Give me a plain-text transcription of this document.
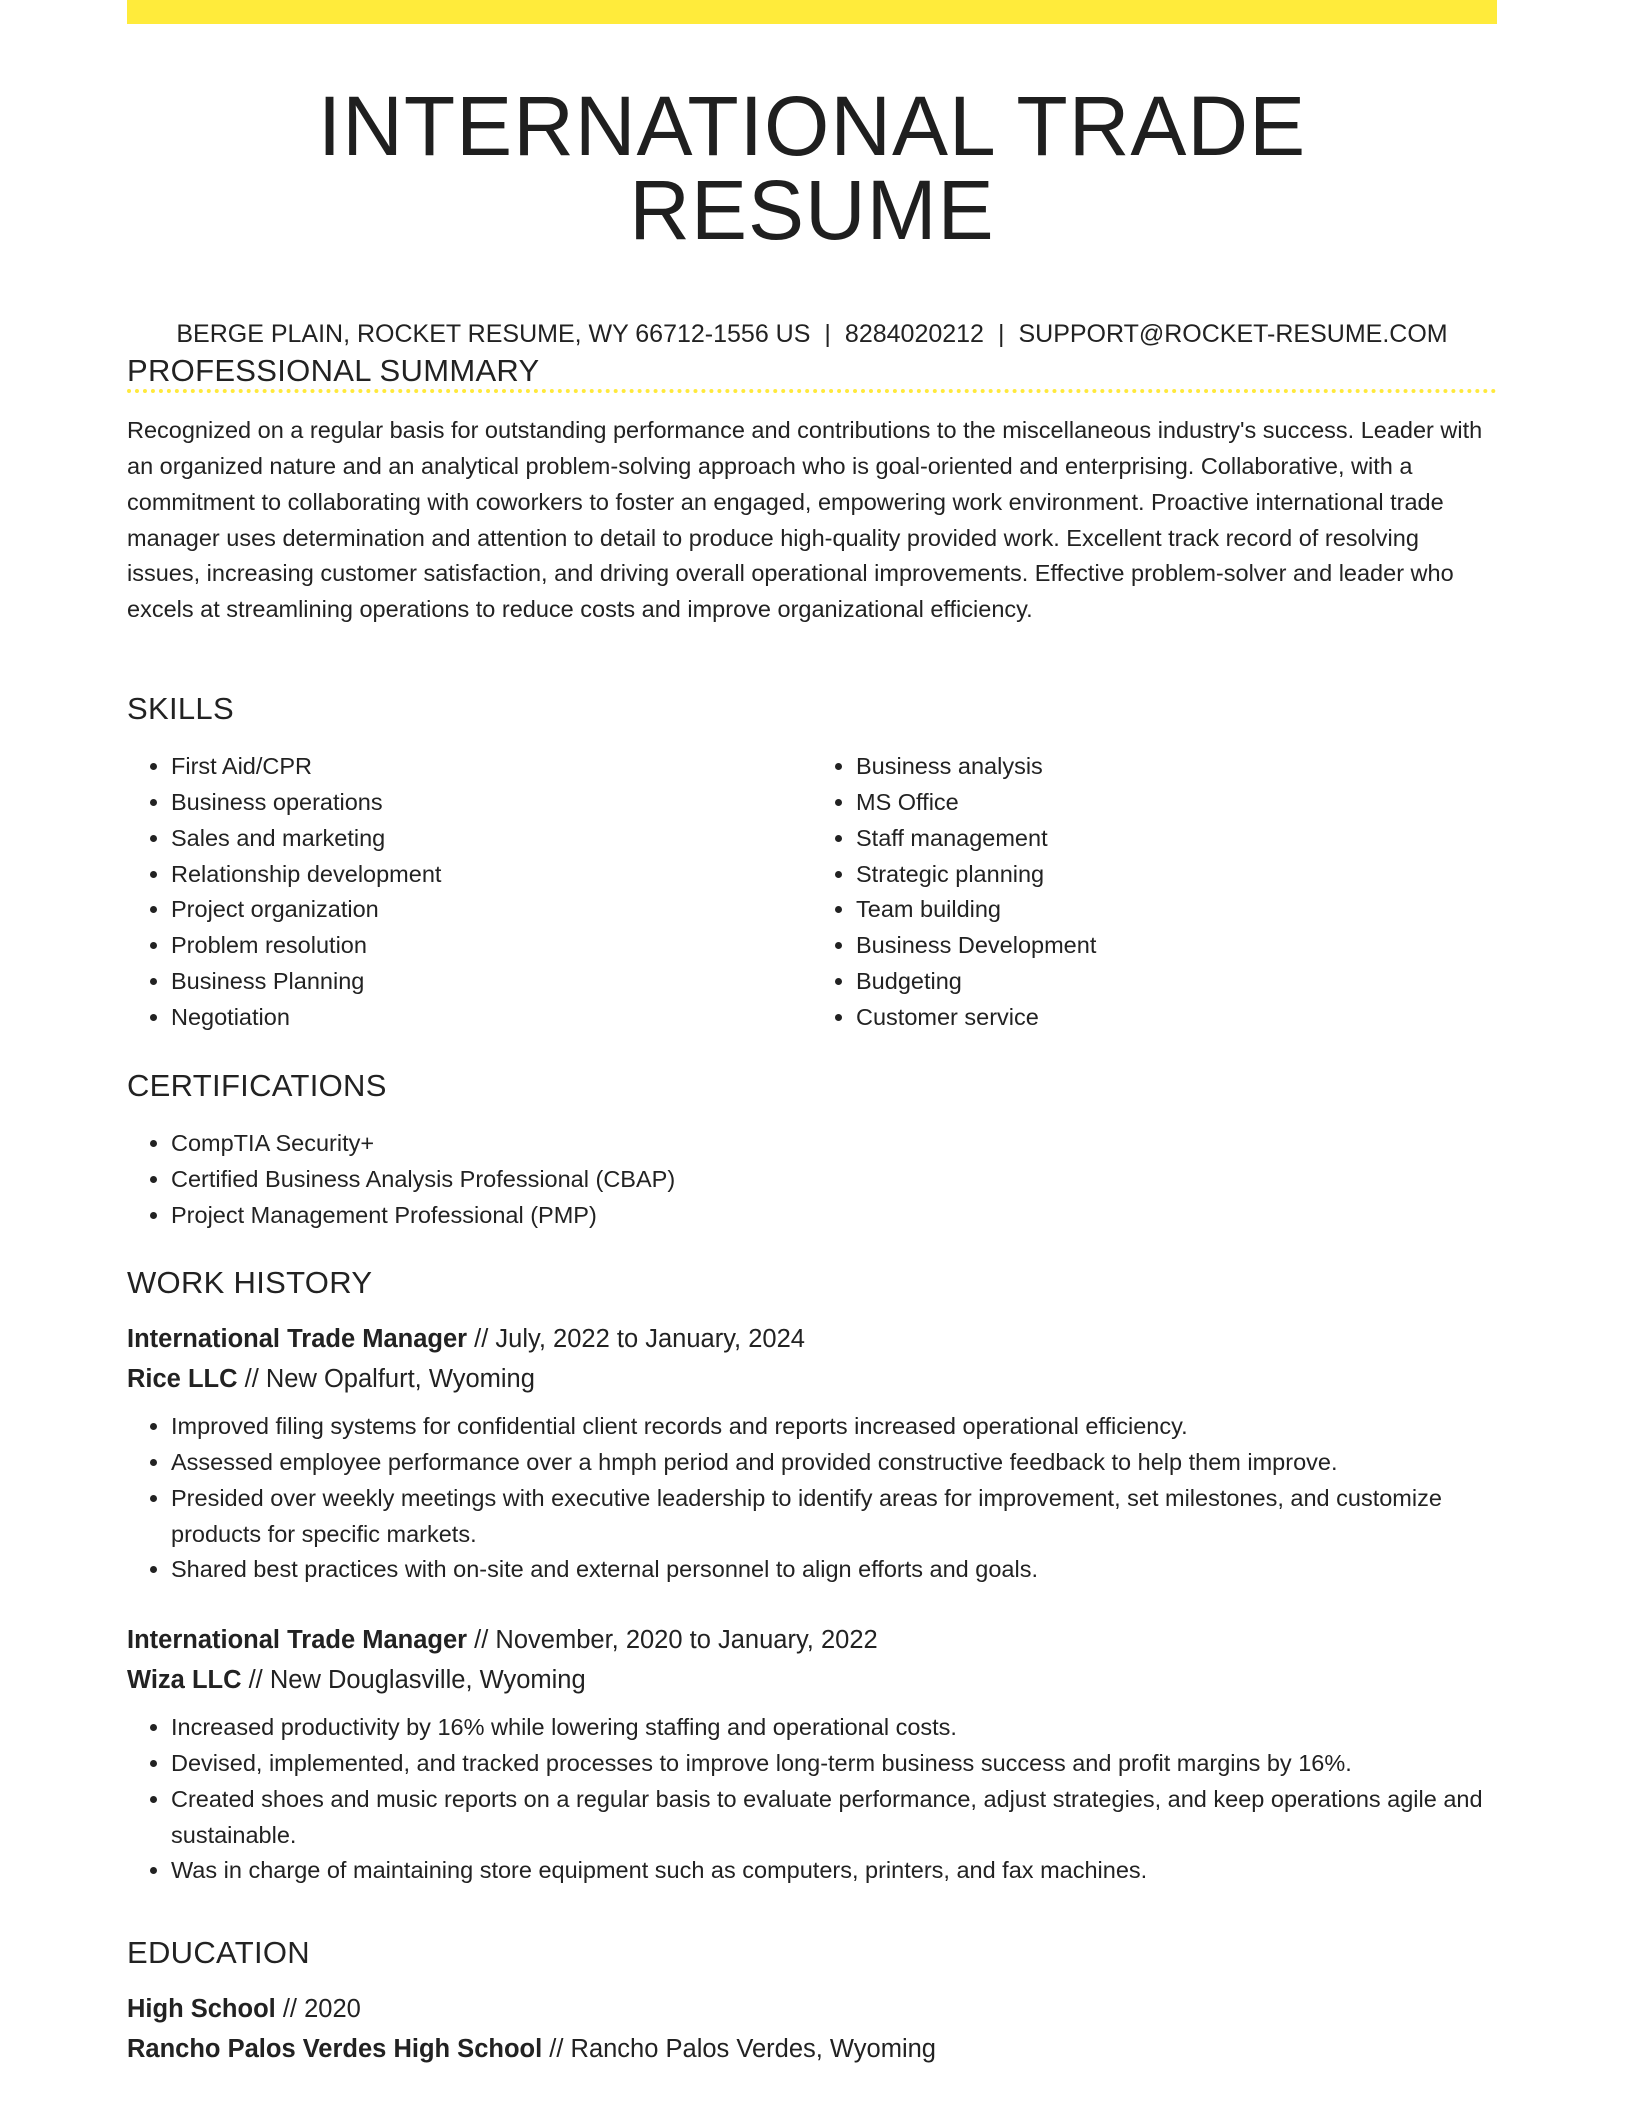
INTERNATIONAL TRADE RESUME
BERGE PLAIN, ROCKET RESUME, WY 66712-1556 US | 8284020212 | SUPPORT@ROCKET-RESUME.COM
PROFESSIONAL SUMMARY
Recognized on a regular basis for outstanding performance and contributions to the miscellaneous industry's success. Leader with an organized nature and an analytical problem-solving approach who is goal-oriented and enterprising. Collaborative, with a commitment to collaborating with coworkers to foster an engaged, empowering work environment. Proactive international trade manager uses determination and attention to detail to produce high-quality provided work. Excellent track record of resolving issues, increasing customer satisfaction, and driving overall operational improvements. Effective problem-solver and leader who excels at streamlining operations to reduce costs and improve organizational efficiency.
SKILLS
• First Aid/CPR
• Business operations
• Sales and marketing
• Relationship development
• Project organization
• Problem resolution
• Business Planning
• Negotiation
• Business analysis
• MS Office
• Staff management
• Strategic planning
• Team building
• Business Development
• Budgeting
• Customer service
CERTIFICATIONS
• CompTIA Security+
• Certified Business Analysis Professional (CBAP)
• Project Management Professional (PMP)
WORK HISTORY
International Trade Manager // July, 2022 to January, 2024
Rice LLC // New Opalfurt, Wyoming
• Improved filing systems for confidential client records and reports increased operational efficiency.
• Assessed employee performance over a hmph period and provided constructive feedback to help them improve.
• Presided over weekly meetings with executive leadership to identify areas for improvement, set milestones, and customize products for specific markets.
• Shared best practices with on-site and external personnel to align efforts and goals.
International Trade Manager // November, 2020 to January, 2022
Wiza LLC // New Douglasville, Wyoming
• Increased productivity by 16% while lowering staffing and operational costs.
• Devised, implemented, and tracked processes to improve long-term business success and profit margins by 16%.
• Created shoes and music reports on a regular basis to evaluate performance, adjust strategies, and keep operations agile and sustainable.
• Was in charge of maintaining store equipment such as computers, printers, and fax machines.
EDUCATION
High School // 2020
Rancho Palos Verdes High School // Rancho Palos Verdes, Wyoming
